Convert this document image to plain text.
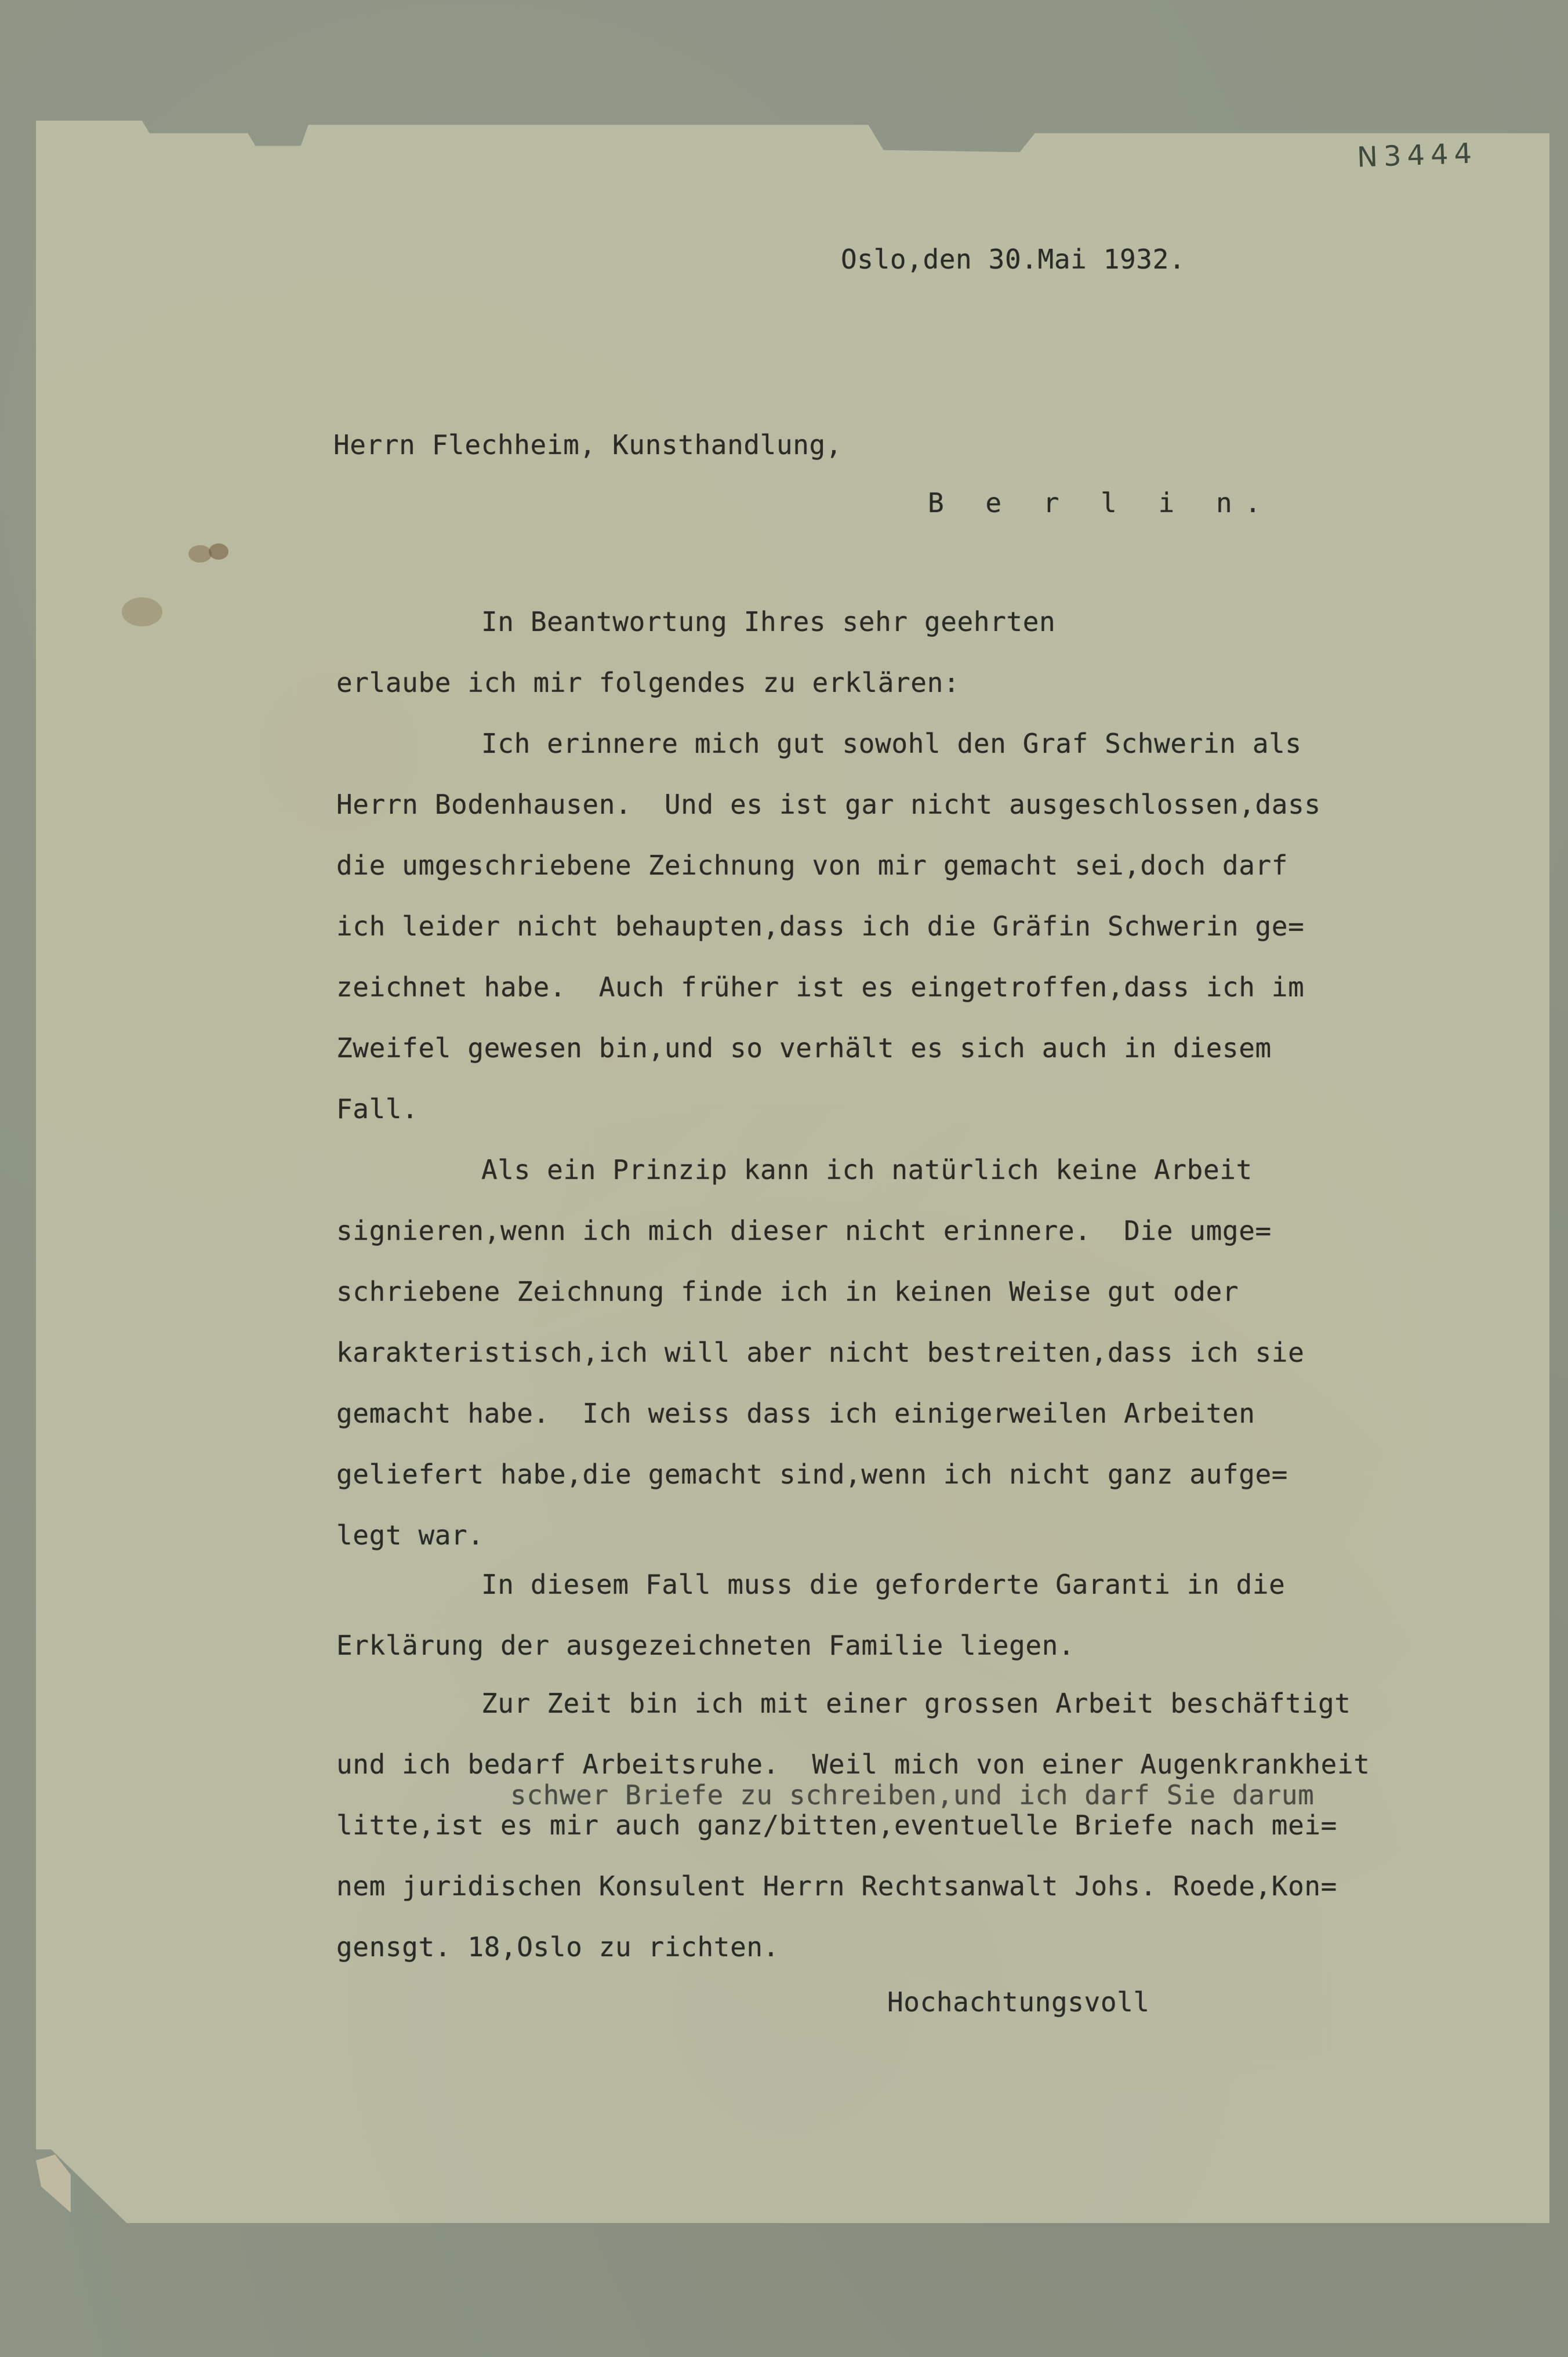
N3444
Oslo,den 30.Mai 1932.
Herrn Flechheim, Kunsthandlung,
B e r l i n.
In Beantwortung Ihres sehr geehrten
erlaube ich mir folgendes zu erklären:
Ich erinnere mich gut sowohl den Graf Schwerin als
Herrn Bodenhausen.  Und es ist gar nicht ausgeschlossen,dass
die umgeschriebene Zeichnung von mir gemacht sei,doch darf
ich leider nicht behaupten,dass ich die Gräfin Schwerin ge=
zeichnet habe.  Auch früher ist es eingetroffen,dass ich im
Zweifel gewesen bin,und so verhält es sich auch in diesem
Fall.
Als ein Prinzip kann ich natürlich keine Arbeit
signieren,wenn ich mich dieser nicht erinnere.  Die umge=
schriebene Zeichnung finde ich in keinen Weise gut oder
karakteristisch,ich will aber nicht bestreiten,dass ich sie
gemacht habe.  Ich weiss dass ich einigerweilen Arbeiten
geliefert habe,die gemacht sind,wenn ich nicht ganz aufge=
legt war.
In diesem Fall muss die geforderte Garanti in die
Erklärung der ausgezeichneten Familie liegen.
Zur Zeit bin ich mit einer grossen Arbeit beschäftigt
und ich bedarf Arbeitsruhe.  Weil mich von einer Augenkrankheit
schwer Briefe zu schreiben,und ich darf Sie darum
litte,ist es mir auch ganz/bitten,eventuelle Briefe nach mei=
nem juridischen Konsulent Herrn Rechtsanwalt Johs. Roede,Kon=
gensgt. 18,Oslo zu richten.
Hochachtungsvoll
